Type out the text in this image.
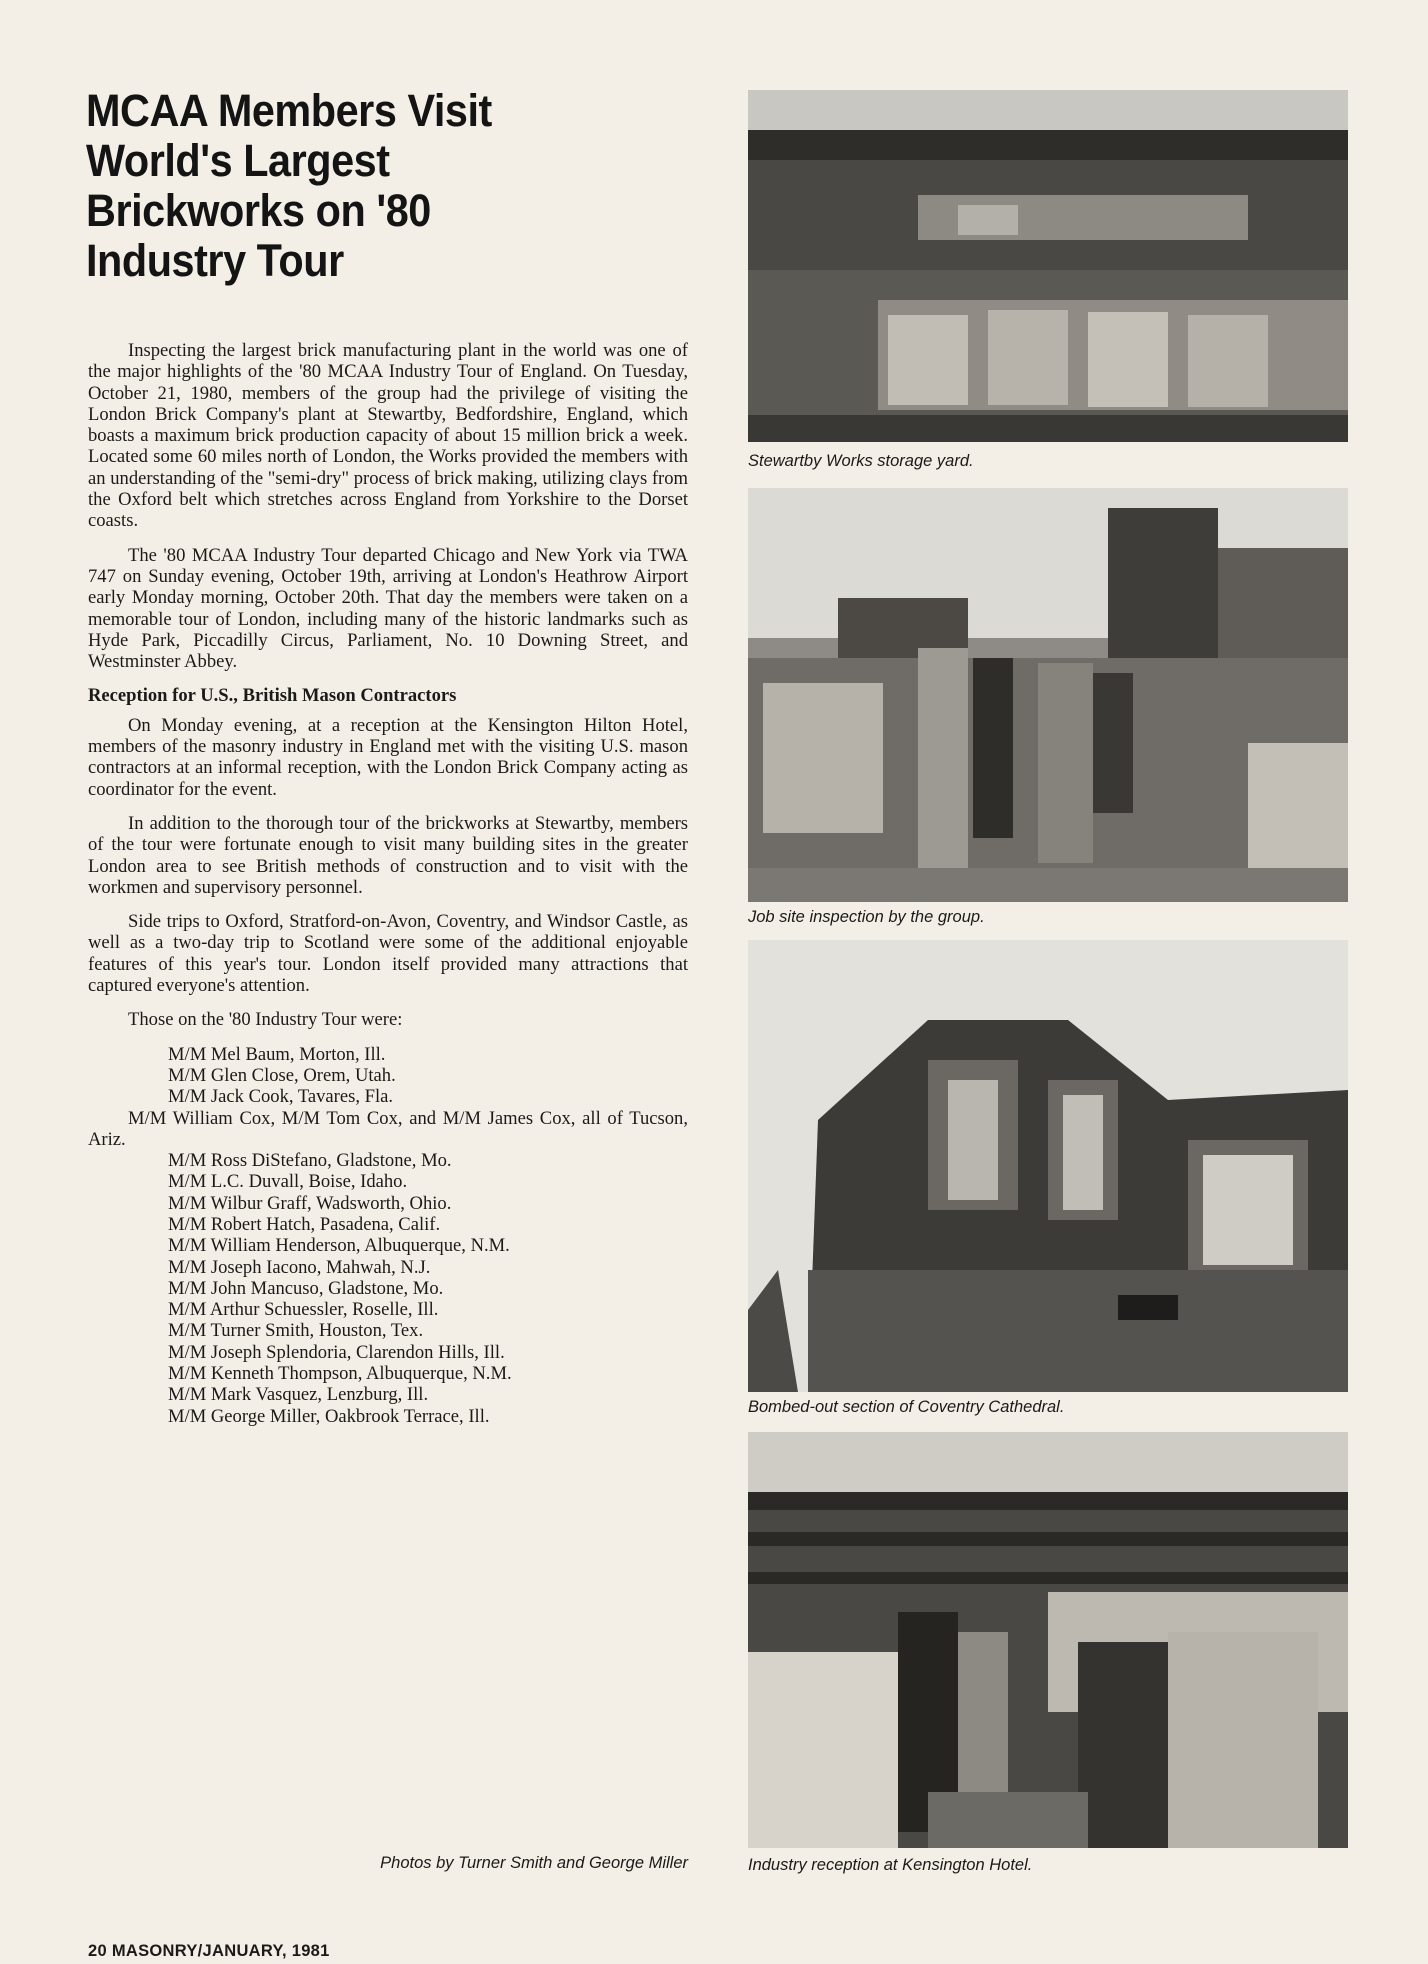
MCAA Members Visit
World's Largest
Brickworks on '80
Industry Tour

Inspecting the largest brick manufacturing plant in the world was one of the major highlights of the '80 MCAA Industry Tour of England. On Tuesday, October 21, 1980, members of the group had the privilege of visiting the London Brick Company's plant at Stewartby, Bedfordshire, England, which boasts a maximum brick production capacity of about 15 million brick a week. Located some 60 miles north of London, the Works provided the members with an understanding of the "semi-dry" process of brick making, utilizing clays from the Oxford belt which stretches across England from Yorkshire to the Dorset coasts.

The '80 MCAA Industry Tour departed Chicago and New York via TWA 747 on Sunday evening, October 19th, arriving at London's Heathrow Airport early Monday morning, October 20th. That day the members were taken on a memorable tour of London, including many of the historic landmarks such as Hyde Park, Piccadilly Circus, Parliament, No. 10 Downing Street, and Westminster Abbey.

Reception for U.S., British Mason Contractors

On Monday evening, at a reception at the Kensington Hilton Hotel, members of the masonry industry in England met with the visiting U.S. mason contractors at an informal reception, with the London Brick Company acting as coordinator for the event.

In addition to the thorough tour of the brickworks at Stewartby, members of the tour were fortunate enough to visit many building sites in the greater London area to see British methods of construction and to visit with the workmen and supervisory personnel.

Side trips to Oxford, Stratford-on-Avon, Coventry, and Windsor Castle, as well as a two-day trip to Scotland were some of the additional enjoyable features of this year's tour. London itself provided many attractions that captured everyone's attention.

Those on the '80 Industry Tour were:

M/M Mel Baum, Morton, Ill.
M/M Glen Close, Orem, Utah.
M/M Jack Cook, Tavares, Fla.
M/M William Cox, M/M Tom Cox, and M/M James Cox, all of Tucson, Ariz.
M/M Ross DiStefano, Gladstone, Mo.
M/M L.C. Duvall, Boise, Idaho.
M/M Wilbur Graff, Wadsworth, Ohio.
M/M Robert Hatch, Pasadena, Calif.
M/M William Henderson, Albuquerque, N.M.
M/M Joseph Iacono, Mahwah, N.J.
M/M John Mancuso, Gladstone, Mo.
M/M Arthur Schuessler, Roselle, Ill.
M/M Turner Smith, Houston, Tex.
M/M Joseph Splendoria, Clarendon Hills, Ill.
M/M Kenneth Thompson, Albuquerque, N.M.
M/M Mark Vasquez, Lenzburg, Ill.
M/M George Miller, Oakbrook Terrace, Ill.
Photos by Turner Smith and George Miller
20 MASONRY/JANUARY, 1981
Stewartby Works storage yard.
Job site inspection by the group.
Bombed-out section of Coventry Cathedral.
Industry reception at Kensington Hotel.
